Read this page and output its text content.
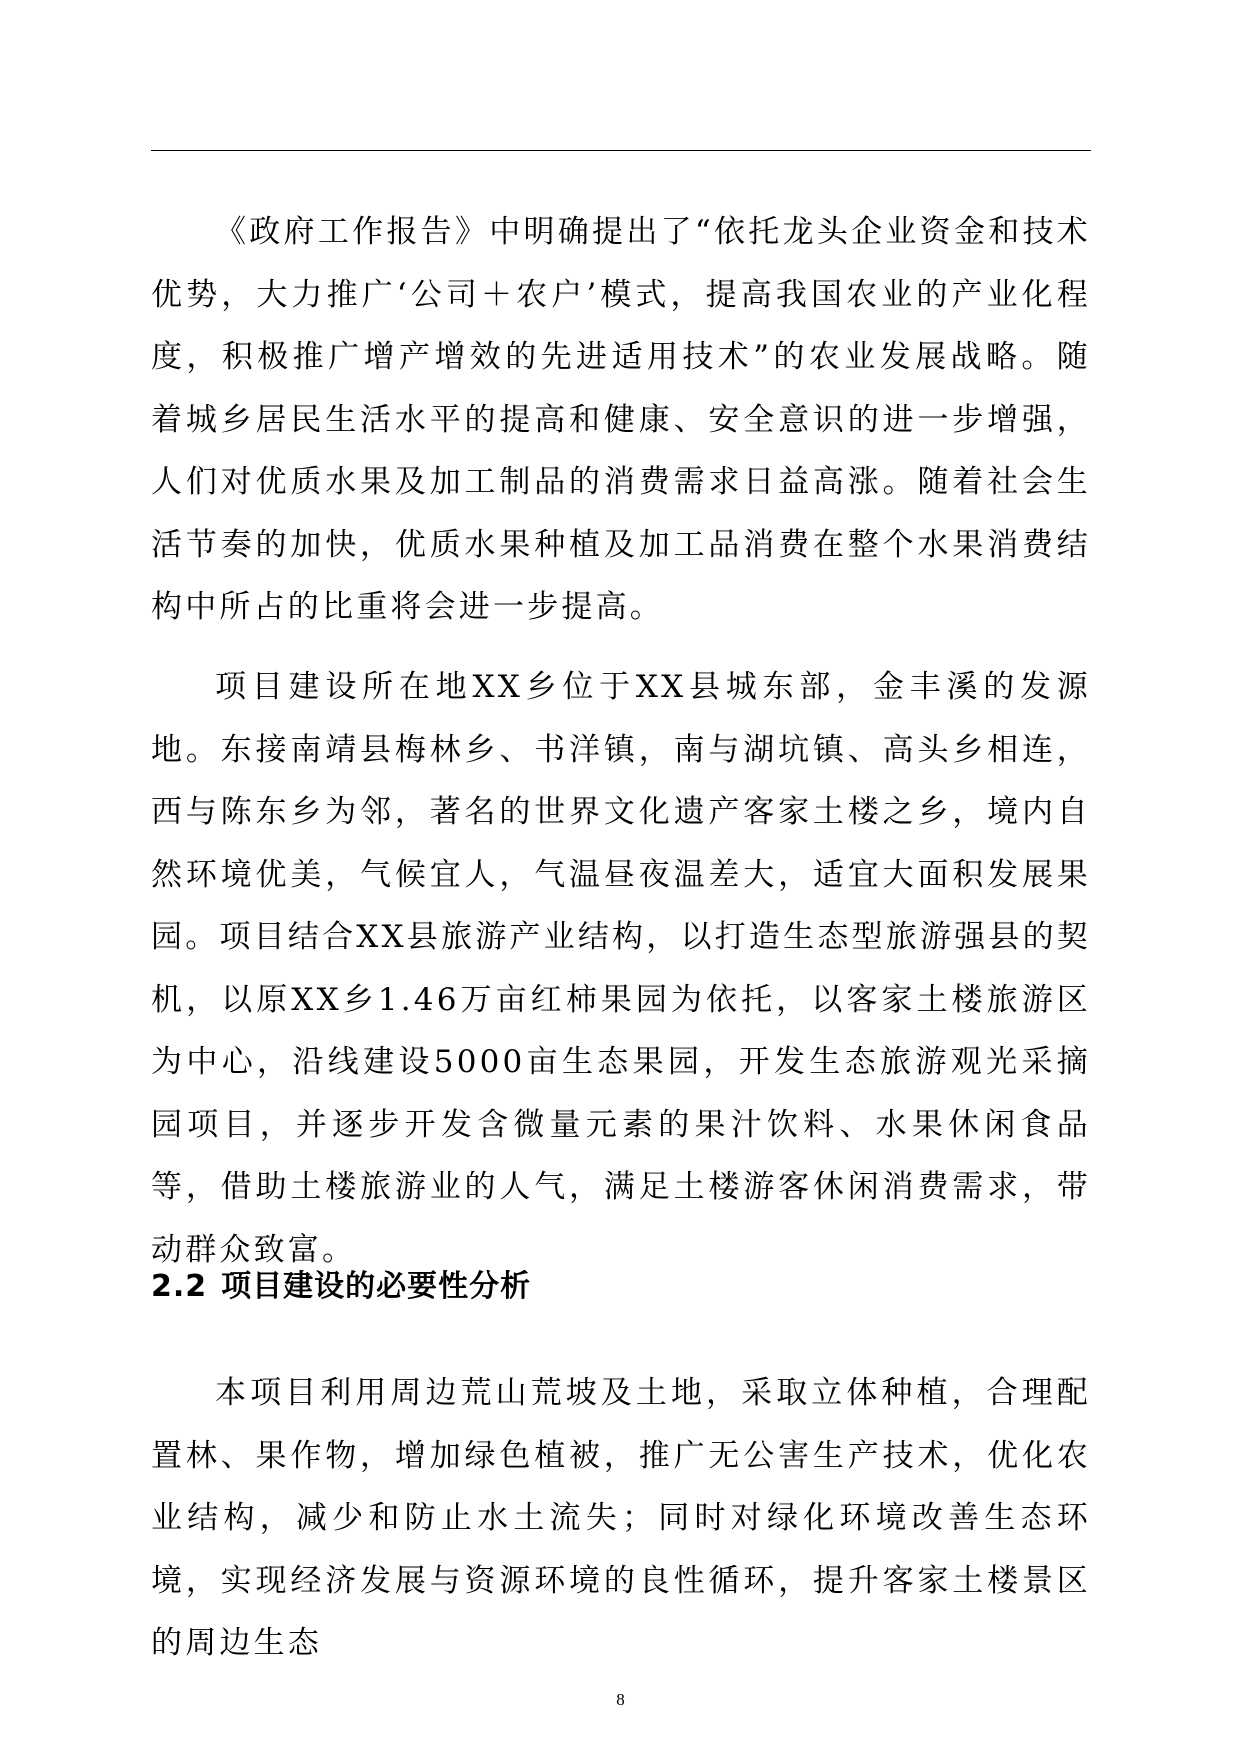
《政府工作报告》中明确提出了“依托龙头企业资金和技术优势，大力推广‘公司＋农户’模式，提高我国农业的产业化程度，积极推广增产增效的先进适用技术”的农业发展战略。随着城乡居民生活水平的提高和健康、安全意识的进一步增强，人们对优质水果及加工制品的消费需求日益高涨。随着社会生活节奏的加快，优质水果种植及加工品消费在整个水果消费结构中所占的比重将会进一步提高。

项目建设所在地XX乡位于XX县城东部，金丰溪的发源地。东接南靖县梅林乡、书洋镇，南与湖坑镇、高头乡相连，西与陈东乡为邻，著名的世界文化遗产客家土楼之乡，境内自然环境优美，气候宜人，气温昼夜温差大，适宜大面积发展果园。项目结合XX县旅游产业结构，以打造生态型旅游强县的契机，以原XX乡1.46万亩红柿果园为依托，以客家土楼旅游区为中心，沿线建设5000亩生态果园，开发生态旅游观光采摘园项目，并逐步开发含微量元素的果汁饮料、水果休闲食品等，借助土楼旅游业的人气，满足土楼游客休闲消费需求，带动群众致富。

2.2 项目建设的必要性分析

本项目利用周边荒山荒坡及土地，采取立体种植，合理配置林、果作物，增加绿色植被，推广无公害生产技术，优化农业结构，减少和防止水土流失；同时对绿化环境改善生态环境，实现经济发展与资源环境的良性循环，提升客家土楼景区的周边生态

8
